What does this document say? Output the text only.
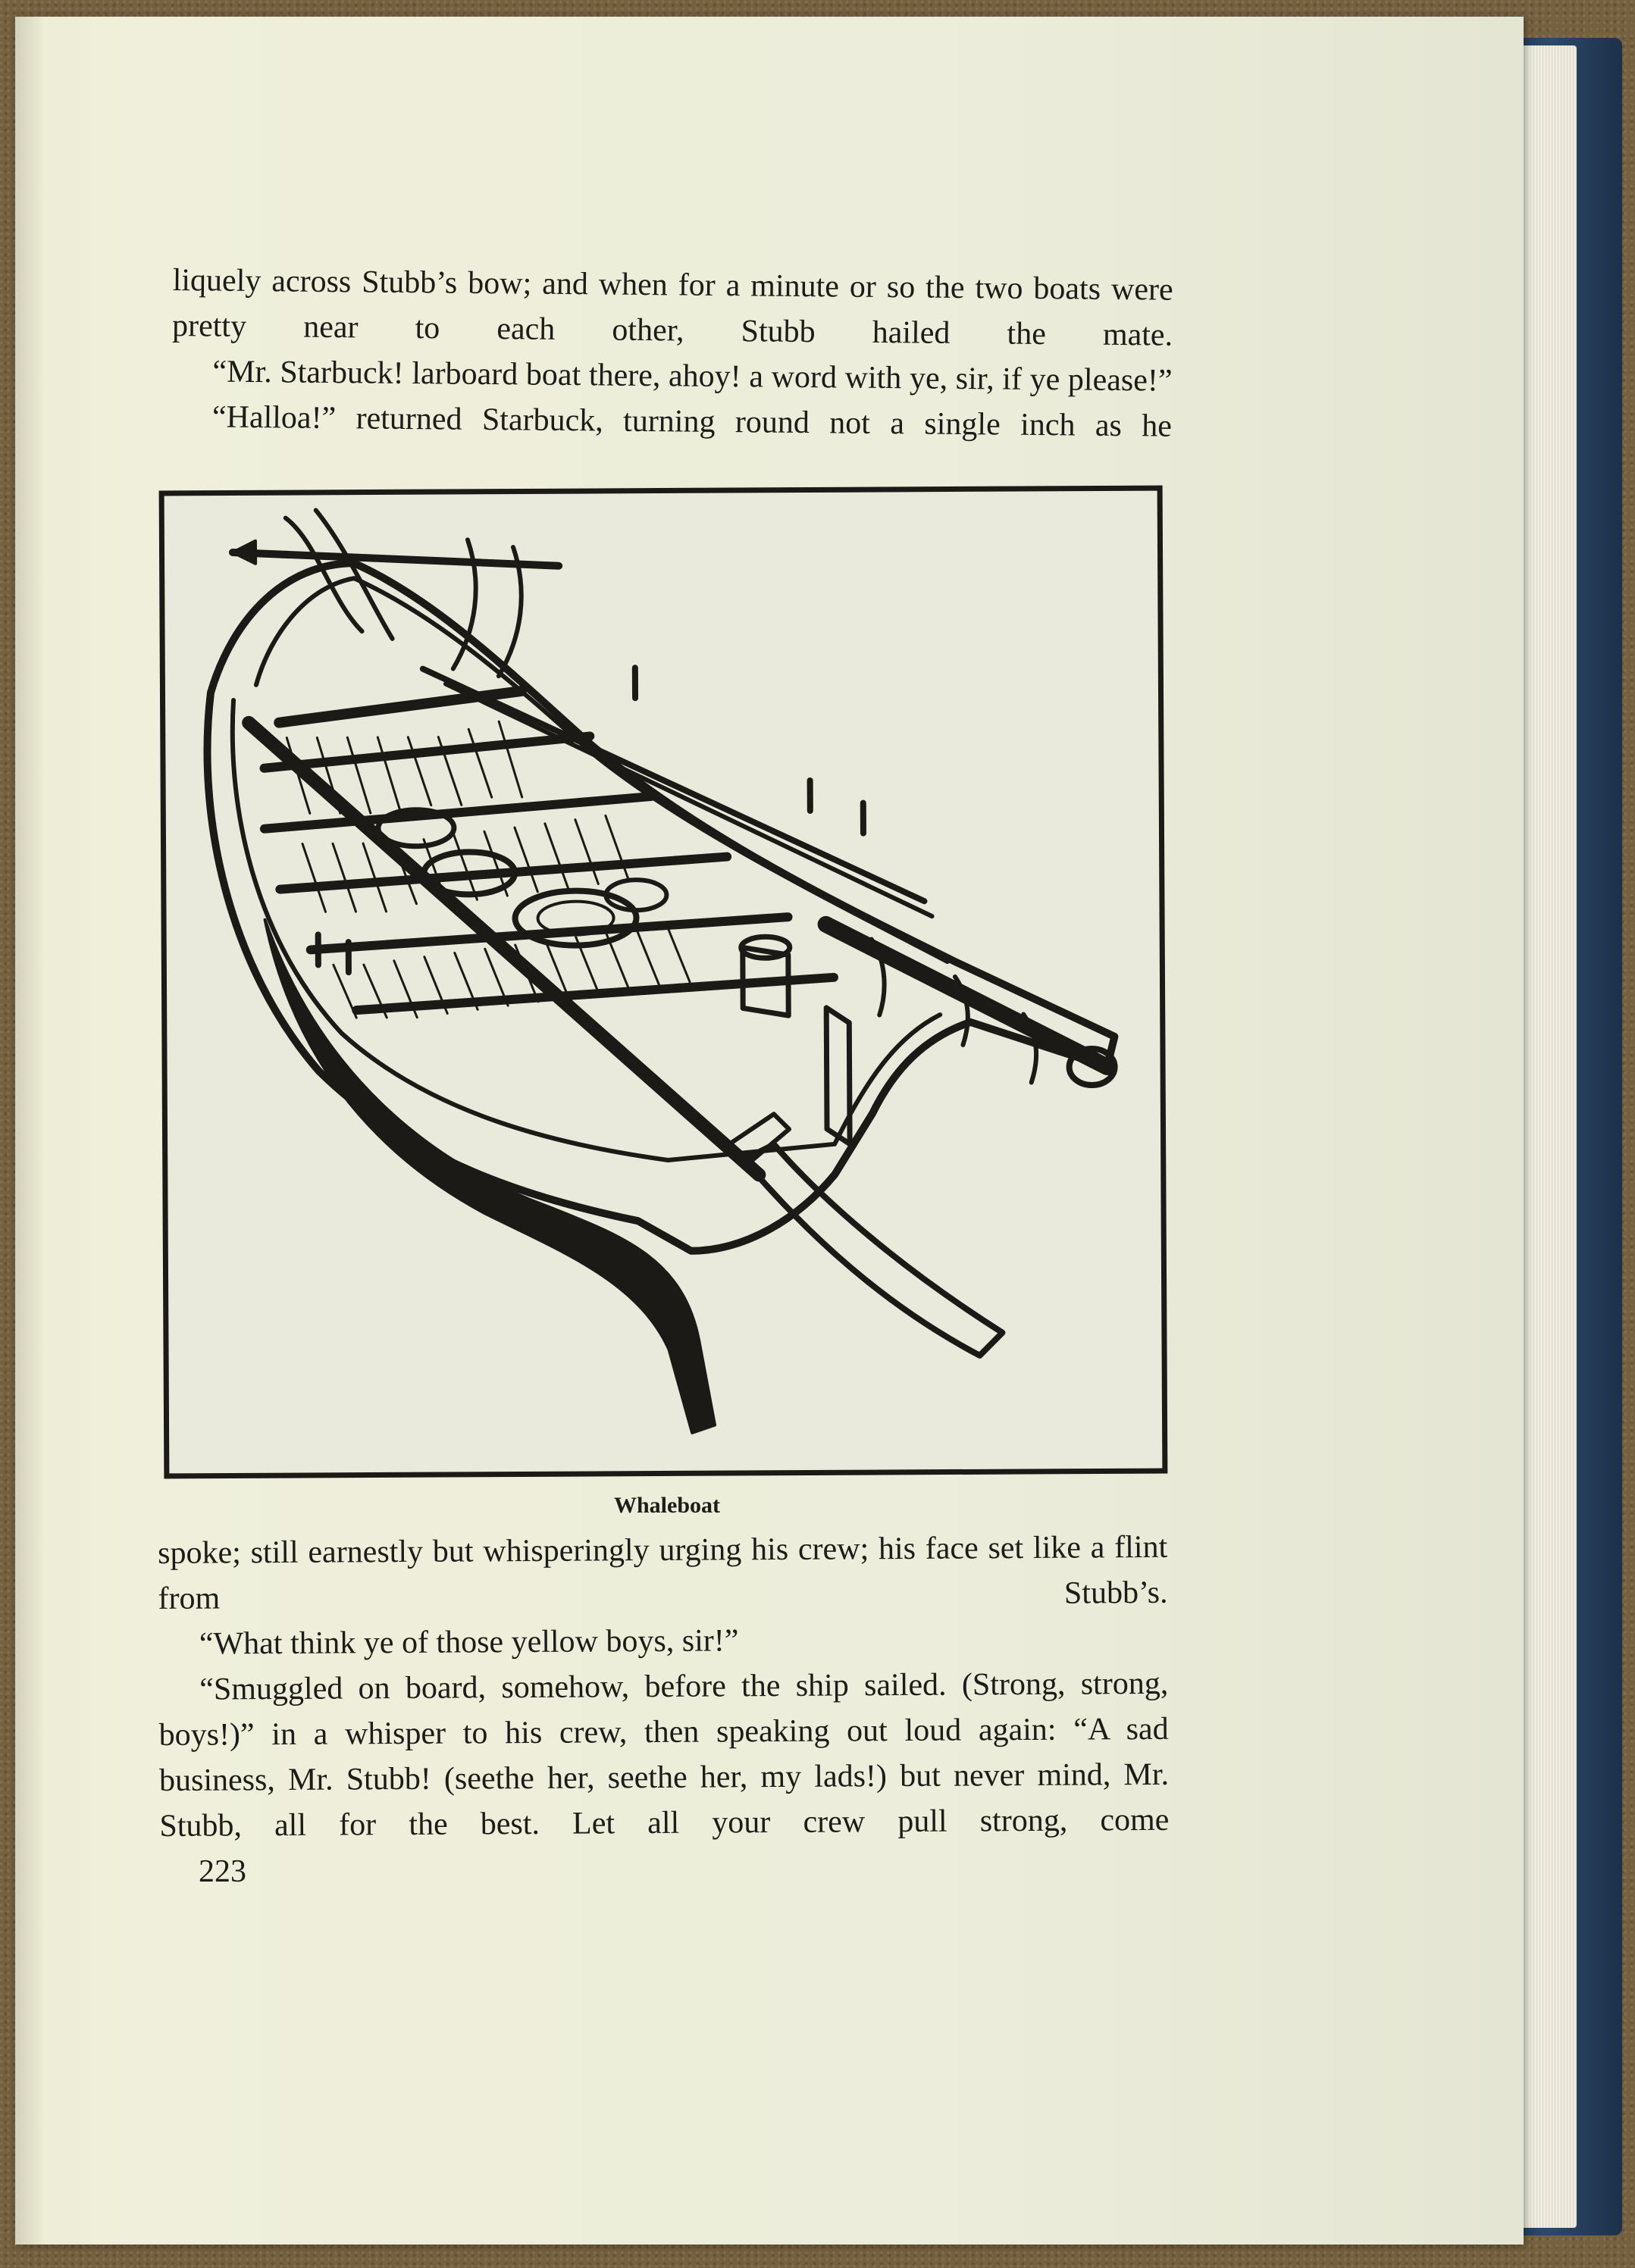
liquely across Stubb’s bow; and when for a minute or so the two boats were pretty near to each other, Stubb hailed the mate.

“Mr. Starbuck! larboard boat there, ahoy! a word with ye, sir, if ye please!”

“Halloa!” returned Starbuck, turning round not a single inch as he

Whaleboat

spoke; still earnestly but whisperingly urging his crew; his face set like a flint from Stubb’s.

“What think ye of those yellow boys, sir!”

“Smuggled on board, somehow, before the ship sailed. (Strong, strong, boys!)” in a whisper to his crew, then speaking out loud again: “A sad business, Mr. Stubb! (seethe her, seethe her, my lads!) but never mind, Mr. Stubb, all for the best. Let all your crew pull strong, come

223
